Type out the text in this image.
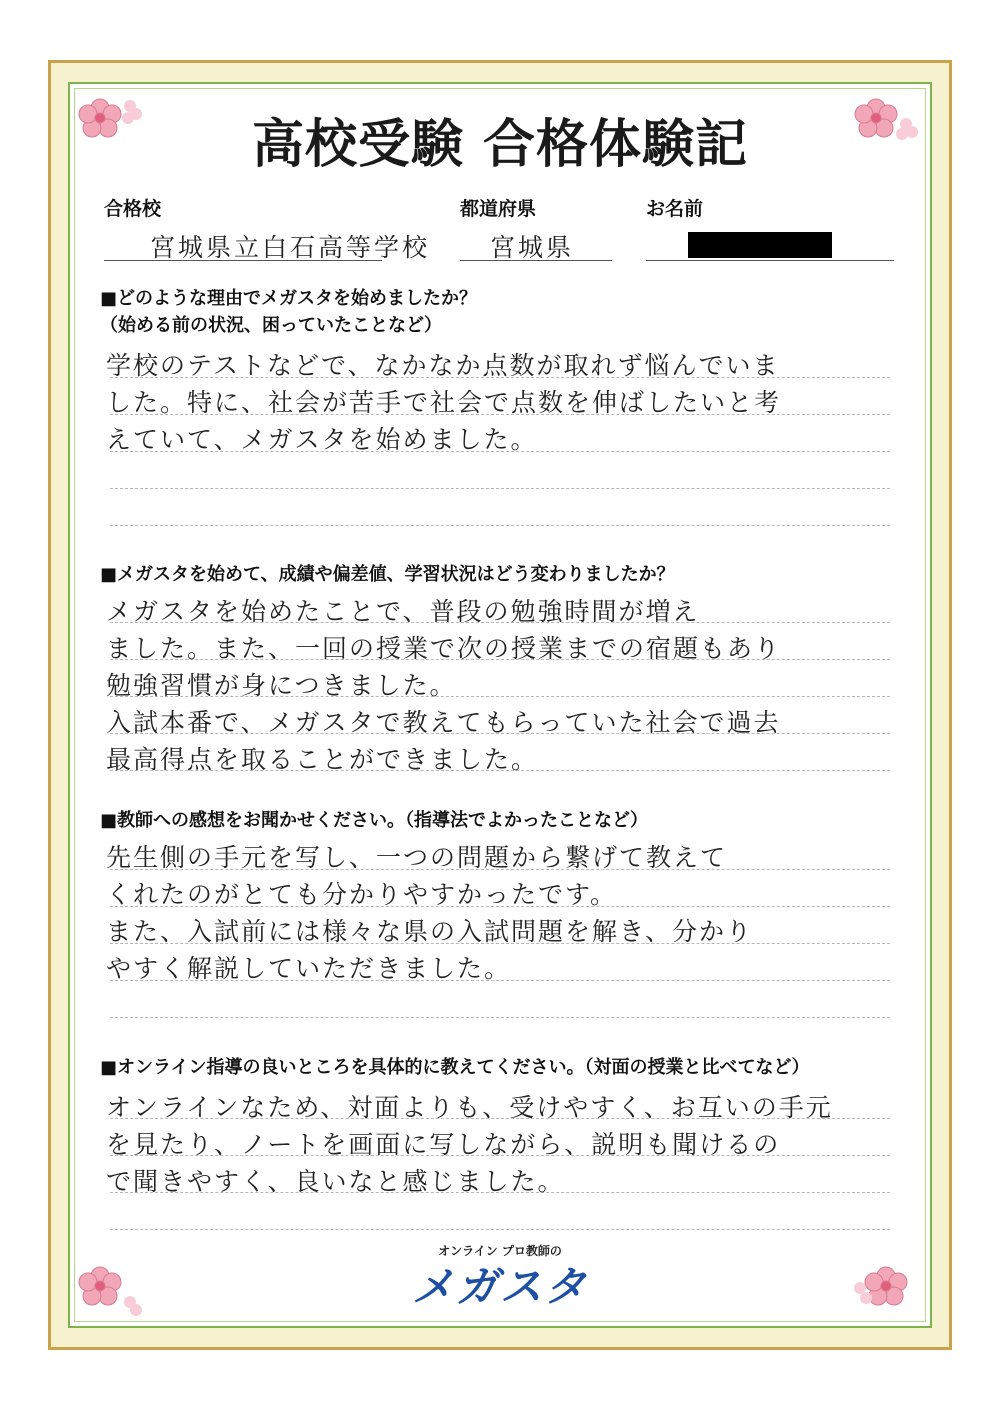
高校受験 合格体験記
合格校
宮城県立白石高等学校
都道府県
宮城県
お名前
■どのような理由でメガスタを始めましたか？
（始める前の状況、困っていたことなど）
学校のテストなどで、なかなか点数が取れず悩んでいま
した。特に、社会が苦手で社会で点数を伸ばしたいと考
えていて、メガスタを始めました。
■メガスタを始めて、成績や偏差値、学習状況はどう変わりましたか？
メガスタを始めたことで、普段の勉強時間が増え
ました。また、一回の授業で次の授業までの宿題もあり
勉強習慣が身につきました。
入試本番で、メガスタで教えてもらっていた社会で過去
最高得点を取ることができました。
■教師への感想をお聞かせください。（指導法でよかったことなど）
先生側の手元を写し、一つの問題から繋げて教えて
くれたのがとても分かりやすかったです。
また、入試前には様々な県の入試問題を解き、分かり
やすく解説していただきました。
■オンライン指導の良いところを具体的に教えてください。（対面の授業と比べてなど）
オンラインなため、対面よりも、受けやすく、お互いの手元
を見たり、ノートを画面に写しながら、説明も聞けるの
で聞きやすく、良いなと感じました。
オンライン プロ教師の
メガスタ
